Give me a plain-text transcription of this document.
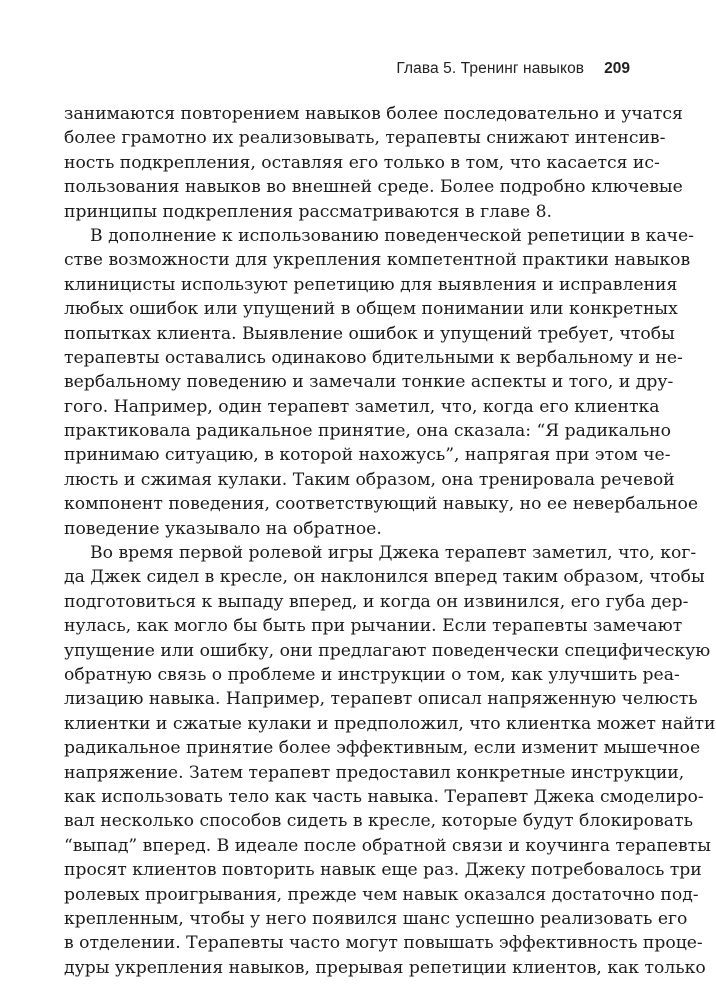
Глава 5. Тренинг навыков 209
занимаются повторением навыков более последовательно и учатся
более грамотно их реализовывать, терапевты снижают интенсив-
ность подкрепления, оставляя его только в том, что касается ис-
пользования навыков во внешней среде. Более подробно ключевые
принципы подкрепления рассматриваются в главе 8.
В дополнение к использованию поведенческой репетиции в каче-
стве возможности для укрепления компетентной практики навыков
клиницисты используют репетицию для выявления и исправления
любых ошибок или упущений в общем понимании или конкретных
попытках клиента. Выявление ошибок и упущений требует, чтобы
терапевты оставались одинаково бдительными к вербальному и не-
вербальному поведению и замечали тонкие аспекты и того, и дру-
гого. Например, один терапевт заметил, что, когда его клиентка
практиковала радикальное принятие, она сказала: “Я радикально
принимаю ситуацию, в которой нахожусь”, напрягая при этом че-
люсть и сжимая кулаки. Таким образом, она тренировала речевой
компонент поведения, соответствующий навыку, но ее невербальное
поведение указывало на обратное.
Во время первой ролевой игры Джека терапевт заметил, что, ког-
да Джек сидел в кресле, он наклонился вперед таким образом, чтобы
подготовиться к выпаду вперед, и когда он извинился, его губа дер-
нулась, как могло бы быть при рычании. Если терапевты замечают
упущение или ошибку, они предлагают поведенчески специфическую
обратную связь о проблеме и инструкции о том, как улучшить реа-
лизацию навыка. Например, терапевт описал напряженную челюсть
клиентки и сжатые кулаки и предположил, что клиентка может найти
радикальное принятие более эффективным, если изменит мышечное
напряжение. Затем терапевт предоставил конкретные инструкции,
как использовать тело как часть навыка. Терапевт Джека смоделиро-
вал несколько способов сидеть в кресле, которые будут блокировать
“выпад” вперед. В идеале после обратной связи и коучинга терапевты
просят клиентов повторить навык еще раз. Джеку потребовалось три
ролевых проигрывания, прежде чем навык оказался достаточно под-
крепленным, чтобы у него появился шанс успешно реализовать его
в отделении. Терапевты часто могут повышать эффективность проце-
дуры укрепления навыков, прерывая репетиции клиентов, как только
